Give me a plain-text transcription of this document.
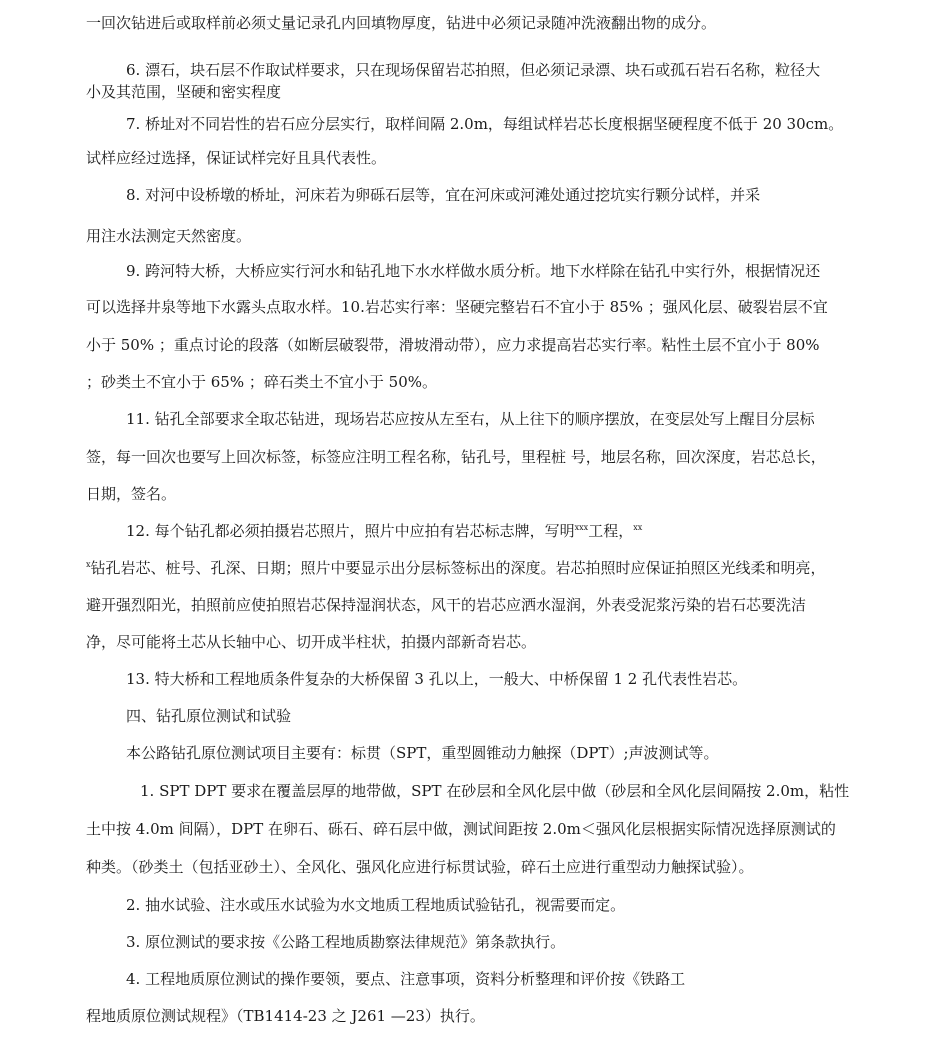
一回次钻进后或取样前必须丈量记录孔内回填物厚度，钻进中必须记录随冲洗液翻出物的成分。

6. 漂石，块石层不作取试样要求，只在现场保留岩芯拍照，但必须记录漂、块石或孤石岩石名称，粒径大

小及其范围，坚硬和密实程度

7. 桥址对不同岩性的岩石应分层实行，取样间隔 2.0m，每组试样岩芯长度根据坚硬程度不低于 20 30cm。

试样应经过选择，保证试样完好且具代表性。

8. 对河中设桥墩的桥址，河床若为卵砾石层等，宜在河床或河滩处通过挖坑实行颗分试样，并采

用注水法测定天然密度。

9. 跨河特大桥，大桥应实行河水和钻孔地下水水样做水质分析。地下水样除在钻孔中实行外，根据情况还

可以选择井泉等地下水露头点取水样。10.岩芯实行率：坚硬完整岩石不宜小于 85% ；强风化层、破裂岩层不宜

小于 50% ；重点讨论的段落（如断层破裂带，滑坡滑动带），应力求提高岩芯实行率。粘性土层不宜小于 80%

；砂类土不宜小于 65% ；碎石类土不宜小于 50%。

11. 钻孔全部要求全取芯钻进，现场岩芯应按从左至右，从上往下的顺序摆放，在变层处写上醒目分层标

签，每一回次也要写上回次标签，标签应注明工程名称，钻孔号，里程桩 号，地层名称，回次深度，岩芯总长，

日期，签名。

12. 每个钻孔都必须拍摄岩芯照片，照片中应拍有岩芯标志牌，写明$^{xxx}$工程，$^{xx}$

$^x$钻孔岩芯、桩号、孔深、日期；照片中要显示出分层标签标出的深度。岩芯拍照时应保证拍照区光线柔和明亮，

避开强烈阳光，拍照前应使拍照岩芯保持湿润状态，风干的岩芯应洒水湿润，外表受泥浆污染的岩石芯要洗洁

净，尽可能将土芯从长轴中心、切开成半柱状，拍摄内部新奇岩芯。

13. 特大桥和工程地质条件复杂的大桥保留 3 孔以上，一般大、中桥保留 1 2 孔代表性岩芯。

四、钻孔原位测试和试验

本公路钻孔原位测试项目主要有：标贯（SPT，重型圆锥动力触探（DPT）;声波测试等。

1. SPT DPT 要求在覆盖层厚的地带做，SPT 在砂层和全风化层中做（砂层和全风化层间隔按 2.0m，粘性

土中按 4.0m 间隔），DPT 在卵石、砾石、碎石层中做，测试间距按 2.0m＜强风化层根据实际情况选择原测试的

种类。（砂类土（包括亚砂土）、全风化、强风化应进行标贯试验，碎石土应进行重型动力触探试验）。

2. 抽水试验、注水或压水试验为水文地质工程地质试验钻孔，视需要而定。

3. 原位测试的要求按《公路工程地质勘察法律规范》第条款执行。

4. 工程地质原位测试的操作要领，要点、注意事项，资料分析整理和评价按《铁路工

程地质原位测试规程》（TB1414-23 之 J261 —23）执行。
